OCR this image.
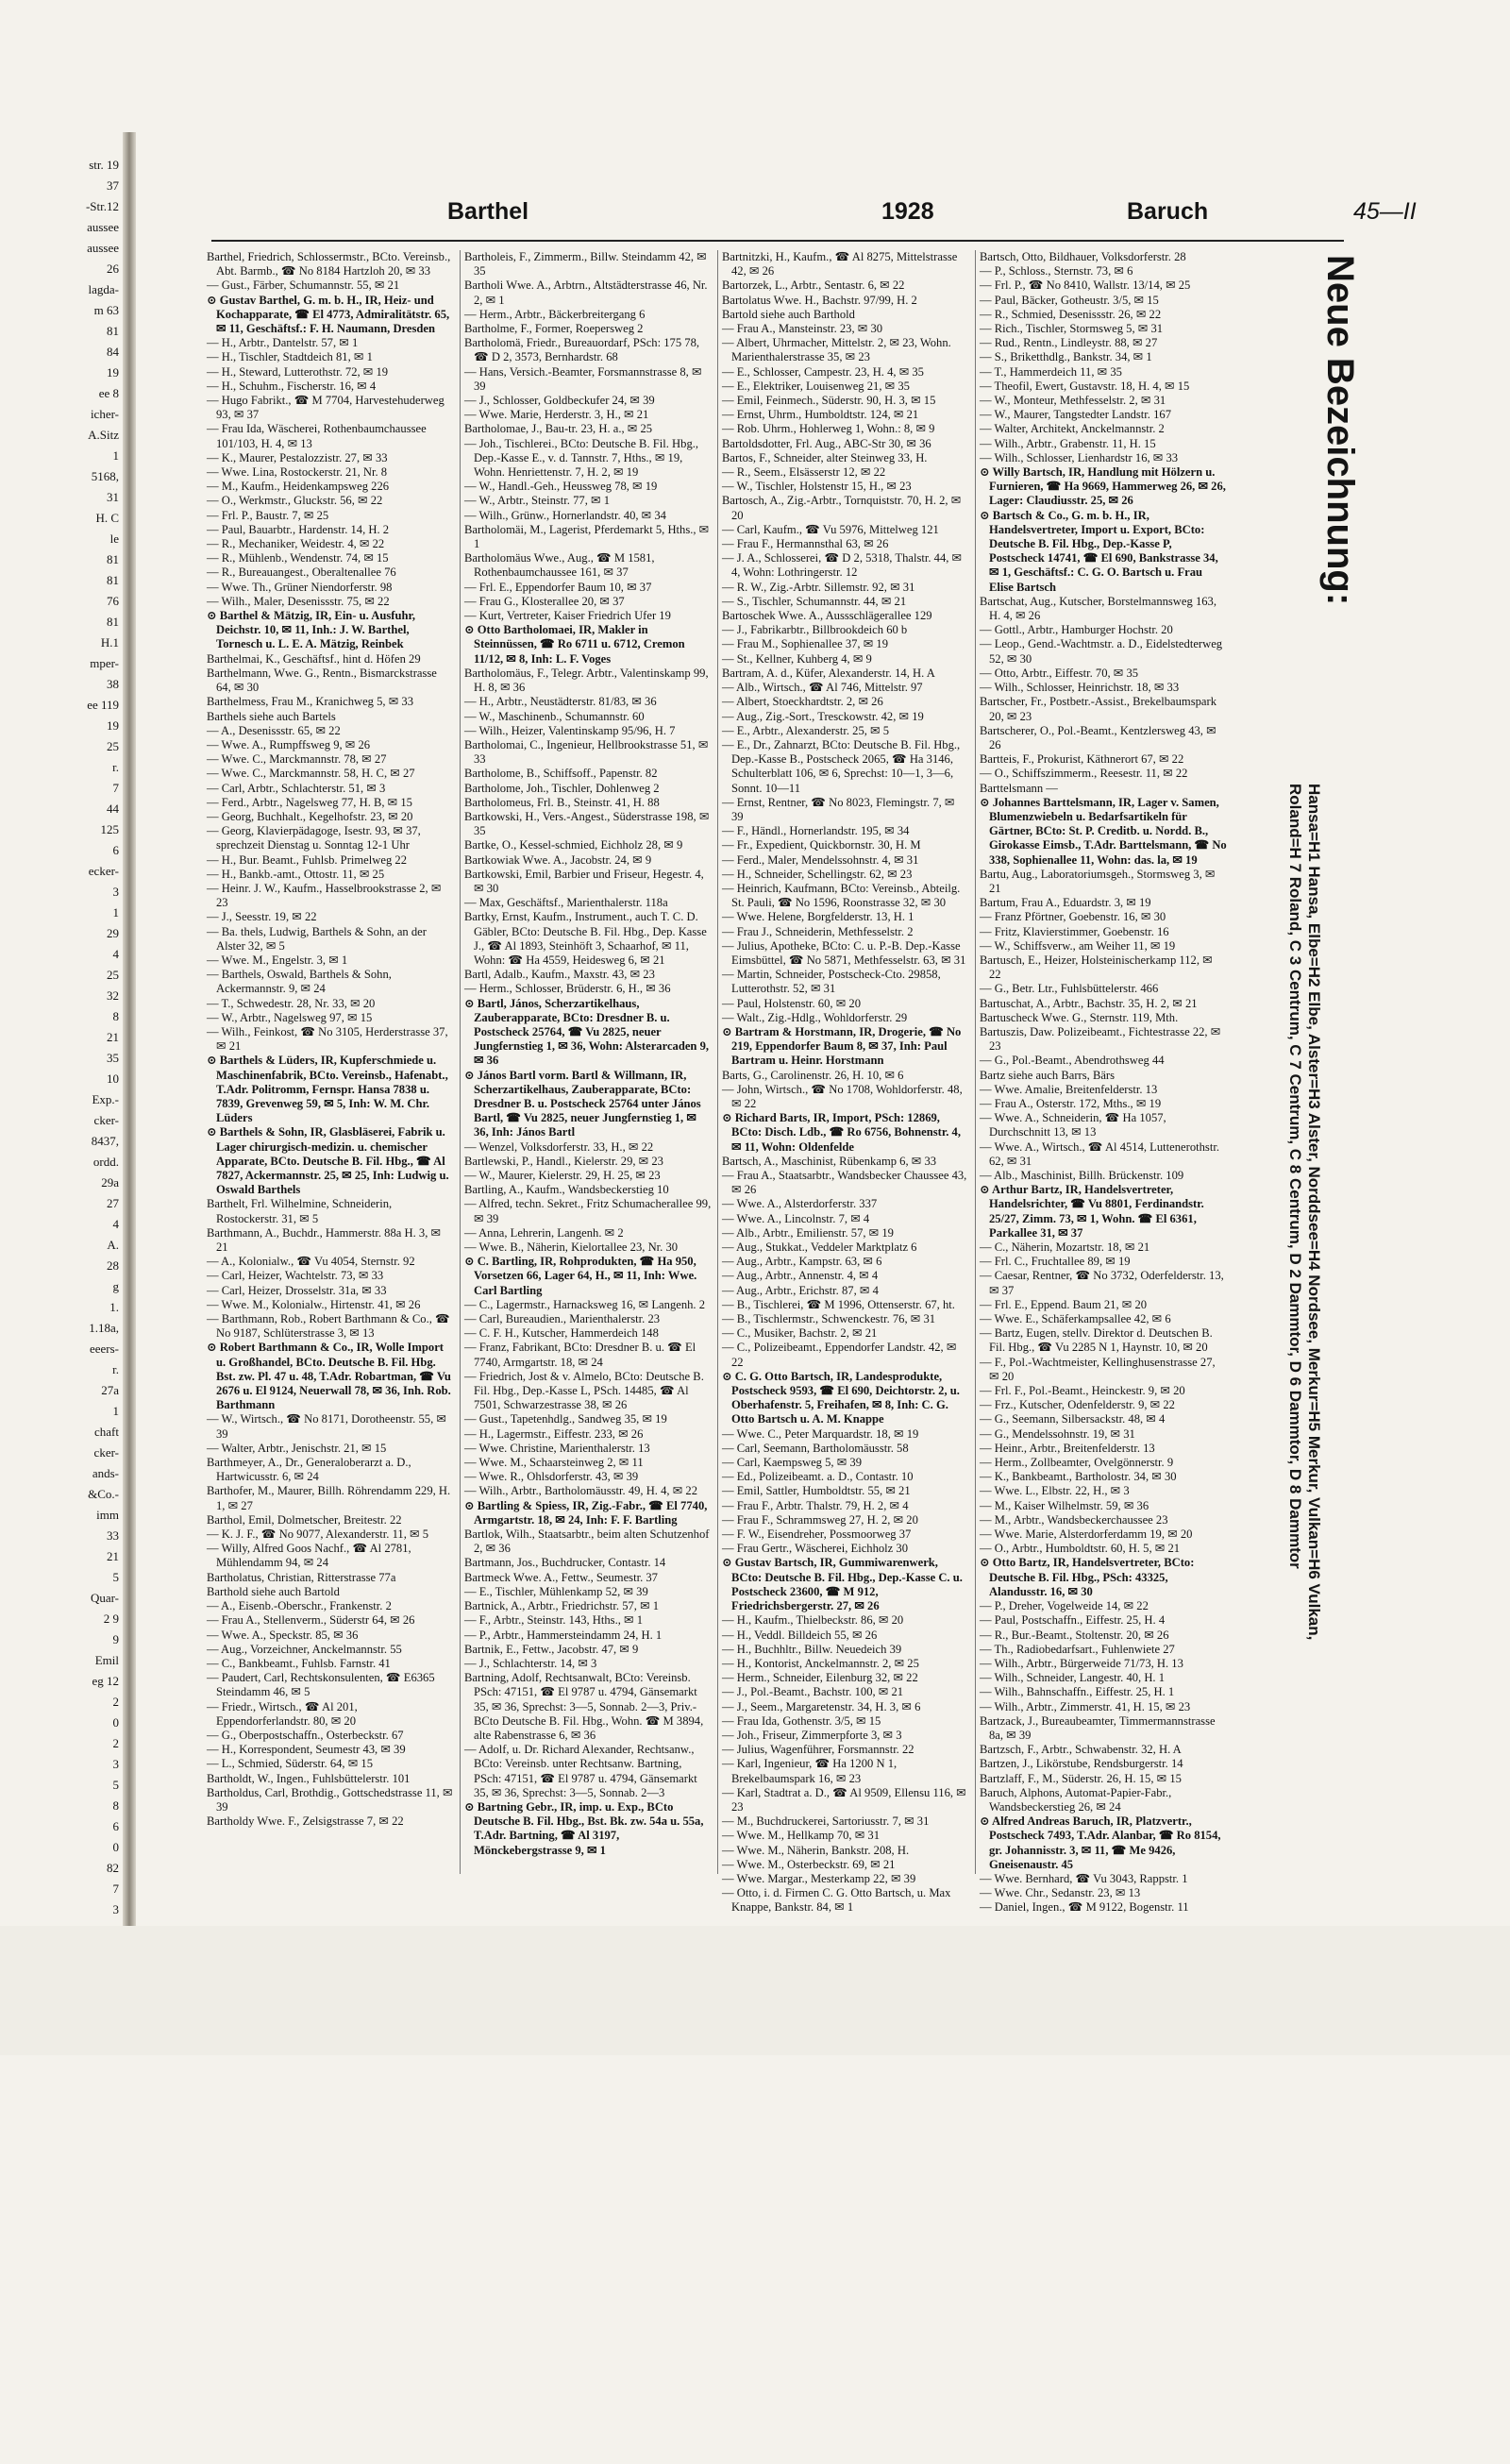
str. 19
37
-Str.12
aussee
aussee
26
lagda-
m 63
81
84
19
ee 8
icher-
A.Sitz
1
5168,
31
H. C
le
81
81
76
81
H.1
mper-
38
ee 119
19
25
r.
7
44
125
6
ecker-
3
1
29
4
25
32
8
21
35
10
Exp.-
cker-
8437,
ordd.
29a
27
4
A.
28
g
1.
1.18a,
eeers-
r.
27a
1
chaft
cker-
ands-
&Co.-
imm
33
21
5
Quar-
2 9
9
Emil
eg 12
2
0
2
3
5
8
6
0
82
7
3
Barthel	1928	Baruch	45—II

Barthel, Friedrich, Schlossermstr., BCto. Vereinsb., Abt. Barmb., ☎ No 8184 Hartzloh 20, ✉ 33

— Gust., Färber, Schumannstr. 55, ✉ 21

⊙ Gustav Barthel, G. m. b. H., IR, Heiz- und Kochapparate, ☎ El 4773, Admiralitätstr. 65, ✉ 11, Geschäftsf.: F. H. Naumann, Dresden

— H., Arbtr., Dantelstr. 57, ✉ 1

— H., Tischler, Stadtdeich 81, ✉ 1

— H., Steward, Lutterothstr. 72, ✉ 19

— H., Schuhm., Fischerstr. 16, ✉ 4

— Hugo Fabrikt., ☎ M 7704, Harvestehuderweg 93, ✉ 37

— Frau Ida, Wäscherei, Rothenbaumchaussee 101/103, H. 4, ✉ 13

— K., Maurer, Pestalozzistr. 27, ✉ 33

— Wwe. Lina, Rostockerstr. 21, Nr. 8

— M., Kaufm., Heidenkampsweg 226

— O., Werkmstr., Gluckstr. 56, ✉ 22

— Frl. P., Baustr. 7, ✉ 25

— Paul, Bauarbtr., Hardenstr. 14, H. 2

— R., Mechaniker, Weidestr. 4, ✉ 22

— R., Mühlenb., Wendenstr. 74, ✉ 15

— R., Bureauangest., Oberaltenallee 76

— Wwe. Th., Grüner Niendorferstr. 98

— Wilh., Maler, Desenissstr. 75, ✉ 22

⊙ Barthel & Mätzig, IR, Ein- u. Ausfuhr, Deichstr. 10, ✉ 11, Inh.: J. W. Barthel, Tornesch u. L. E. A. Mätzig, Reinbek

Barthelmai, K., Geschäftsf., hint d. Höfen 29

Barthelmann, Wwe. G., Rentn., Bismarckstrasse 64, ✉ 30

Barthelmess, Frau M., Kranichweg 5, ✉ 33

Barthels siehe auch Bartels

— A., Desenissstr. 65, ✉ 22

— Wwe. A., Rumpffsweg 9, ✉ 26

— Wwe. C., Marckmannstr. 78, ✉ 27

— Wwe. C., Marckmannstr. 58, H. C, ✉ 27

— Carl, Arbtr., Schlachterstr. 51, ✉ 3

— Ferd., Arbtr., Nagelsweg 77, H. B, ✉ 15

— Georg, Buchhalt., Kegelhofstr. 23, ✉ 20

— Georg, Klavierpädagoge, Isestr. 93, ✉ 37, sprechzeit Dienstag u. Sonntag 12-1 Uhr

— H., Bur. Beamt., Fuhlsb. Primelweg 22

— H., Bankb.-amt., Ottostr. 11, ✉ 25

— Heinr. J. W., Kaufm., Hasselbrookstrasse 2, ✉ 23

— J., Seesstr. 19, ✉ 22

— Ba. thels, Ludwig, Barthels & Sohn, an der Alster 32, ✉ 5

— Wwe. M., Engelstr. 3, ✉ 1

— Barthels, Oswald, Barthels & Sohn, Ackermannstr. 9, ✉ 24

— T., Schwedestr. 28, Nr. 33, ✉ 20

— W., Arbtr., Nagelsweg 97, ✉ 15

— Wilh., Feinkost, ☎ No 3105, Herderstrasse 37, ✉ 21

⊙ Barthels & Lüders, IR, Kupferschmiede u. Maschinenfabrik, BCto. Vereinsb., Hafenabt., T.Adr. Politromm, Fernspr. Hansa 7838 u. 7839, Grevenweg 59, ✉ 5, Inh: W. M. Chr. Lüders

⊙ Barthels & Sohn, IR, Glasbläserei, Fabrik u. Lager chirurgisch-medizin. u. chemischer Apparate, BCto. Deutsche B. Fil. Hbg., ☎ Al 7827, Ackermannstr. 25, ✉ 25, Inh: Ludwig u. Oswald Barthels

Barthelt, Frl. Wilhelmine, Schneiderin, Rostockerstr. 31, ✉ 5

Barthmann, A., Buchdr., Hammerstr. 88a H. 3, ✉ 21

— A., Kolonialw., ☎ Vu 4054, Sternstr. 92

— Carl, Heizer, Wachtelstr. 73, ✉ 33

— Carl, Heizer, Drosselstr. 31a, ✉ 33

— Wwe. M., Kolonialw., Hirtenstr. 41, ✉ 26

— Barthmann, Rob., Robert Barthmann & Co., ☎ No 9187, Schlüterstrasse 3, ✉ 13

⊙ Robert Barthmann & Co., IR, Wolle Import u. Großhandel, BCto. Deutsche B. Fil. Hbg. Bst. zw. Pl. 47 u. 48, T.Adr. Robartman, ☎ Vu 2676 u. El 9124, Neuerwall 78, ✉ 36, Inh. Rob. Barthmann

— W., Wirtsch., ☎ No 8171, Dorotheenstr. 55, ✉ 39

— Walter, Arbtr., Jenischstr. 21, ✉ 15

Barthmeyer, A., Dr., Generaloberarzt a. D., Hartwicusstr. 6, ✉ 24

Barthofer, M., Maurer, Billh. Röhrendamm 229, H. 1, ✉ 27

Barthol, Emil, Dolmetscher, Breitestr. 22

— K. J. F., ☎ No 9077, Alexanderstr. 11, ✉ 5

— Willy, Alfred Goos Nachf., ☎ Al 2781, Mühlendamm 94, ✉ 24

Bartholatus, Christian, Ritterstrasse 77a

Barthold siehe auch Bartold

— A., Eisenb.-Oberschr., Frankenstr. 2

— Frau A., Stellenverm., Süderstr 64, ✉ 26

— Wwe. A., Speckstr. 85, ✉ 36

— Aug., Vorzeichner, Anckelmannstr. 55

— C., Bankbeamt., Fuhlsb. Farnstr. 41

— Paudert, Carl, Rechtskonsulenten, ☎ E6365 Steindamm 46, ✉ 5

— Friedr., Wirtsch., ☎ Al 201, Eppendorferlandstr. 80, ✉ 20

— G., Oberpostschaffn., Osterbeckstr. 67

— H., Korrespondent, Seumestr 43, ✉ 39

— L., Schmied, Süderstr. 64, ✉ 15

Bartholdt, W., Ingen., Fuhlsbüttelerstr. 101

Bartholdus, Carl, Brothdig., Gottschedstrasse 11, ✉ 39

Bartholdy Wwe. F., Zelsigstrasse 7, ✉ 22

Bartholeis, F., Zimmerm., Billw. Steindamm 42, ✉ 35

Bartholi Wwe. A., Arbtrn., Altstädterstrasse 46, Nr. 2, ✉ 1

— Herm., Arbtr., Bäckerbreitergang 6

Bartholme, F., Former, Roepersweg 2

Bartholomä, Friedr., Bureauordarf, PSch: 175 78, ☎ D 2, 3573, Bernhardstr. 68

— Hans, Versich.-Beamter, Forsmannstrasse 8, ✉ 39

— J., Schlosser, Goldbeckufer 24, ✉ 39

— Wwe. Marie, Herderstr. 3, H., ✉ 21

Bartholomae, J., Bau-tr. 23, H. a., ✉ 25

— Joh., Tischlerei., BCto: Deutsche B. Fil. Hbg., Dep.-Kasse E., v. d. Tannstr. 7, Hths., ✉ 19, Wohn. Henriettenstr. 7, H. 2, ✉ 19

— W., Handl.-Geh., Heussweg 78, ✉ 19

— W., Arbtr., Steinstr. 77, ✉ 1

— Wilh., Grünw., Hornerlandstr. 40, ✉ 34

Bartholomäi, M., Lagerist, Pferdemarkt 5, Hths., ✉ 1

Bartholomäus Wwe., Aug., ☎ M 1581, Rothenbaumchaussee 161, ✉ 37

— Frl. E., Eppendorfer Baum 10, ✉ 37

— Frau G., Klosterallee 20, ✉ 37

— Kurt, Vertreter, Kaiser Friedrich Ufer 19

⊙ Otto Bartholomaei, IR, Makler in Steinnüssen, ☎ Ro 6711 u. 6712, Cremon 11/12, ✉ 8, Inh: L. F. Voges

Bartholomäus, F., Telegr. Arbtr., Valentinskamp 99, H. 8, ✉ 36

— H., Arbtr., Neustädterstr. 81/83, ✉ 36

— W., Maschinenb., Schumannstr. 60

— Wilh., Heizer, Valentinskamp 95/96, H. 7

Bartholomai, C., Ingenieur, Hellbrookstrasse 51, ✉ 33

Bartholome, B., Schiffsoff., Papenstr. 82

Bartholome, Joh., Tischler, Dohlenweg 2

Bartholomeus, Frl. B., Steinstr. 41, H. 88

Bartkowski, H., Vers.-Angest., Süderstrasse 198, ✉ 35

Bartke, O., Kessel-schmied, Eichholz 28, ✉ 9

Bartkowiak Wwe. A., Jacobstr. 24, ✉ 9

Bartkowski, Emil, Barbier und Friseur, Hegestr. 4, ✉ 30

— Max, Geschäftsf., Marienthalerstr. 118a

Bartky, Ernst, Kaufm., Instrument., auch T. C. D. Gäbler, BCto: Deutsche B. Fil. Hbg., Dep. Kasse J., ☎ Al 1893, Steinhöft 3, Schaarhof, ✉ 11, Wohn: ☎ Ha 4559, Heidesweg 6, ✉ 21

Bartl, Adalb., Kaufm., Maxstr. 43, ✉ 23

— Herm., Schlosser, Brüderstr. 6, H., ✉ 36

⊙ Bartl, János, Scherzartikelhaus, Zauberapparate, BCto: Dresdner B. u. Postscheck 25764, ☎ Vu 2825, neuer Jungfernstieg 1, ✉ 36, Wohn: Alsterarcaden 9, ✉ 36

⊙ János Bartl vorm. Bartl & Willmann, IR, Scherzartikelhaus, Zauberapparate, BCto: Dresdner B. u. Postscheck 25764 unter János Bartl, ☎ Vu 2825, neuer Jungfernstieg 1, ✉ 36, Inh: János Bartl

— Wenzel, Volksdorferstr. 33, H., ✉ 22

Bartlewski, P., Handl., Kielerstr. 29, ✉ 23

— W., Maurer, Kielerstr. 29, H. 25, ✉ 23

Bartling, A., Kaufm., Wandsbeckerstieg 10

— Alfred, techn. Sekret., Fritz Schumacherallee 99, ✉ 39

— Anna, Lehrerin, Langenh. ✉ 2

— Wwe. B., Näherin, Kielortallee 23, Nr. 30

⊙ C. Bartling, IR, Rohprodukten, ☎ Ha 950, Vorsetzen 66, Lager 64, H., ✉ 11, Inh: Wwe. Carl Bartling

— C., Lagermstr., Harnacksweg 16, ✉ Langenh. 2

— Carl, Bureaudien., Marienthalerstr. 23

— C. F. H., Kutscher, Hammerdeich 148

— Franz, Fabrikant, BCto: Dresdner B. u. ☎ El 7740, Armgartstr. 18, ✉ 24

— Friedrich, Jost & v. Almelo, BCto: Deutsche B. Fil. Hbg., Dep.-Kasse L, PSch. 14485, ☎ Al 7501, Schwarzestrasse 38, ✉ 26

— Gust., Tapetenhdlg., Sandweg 35, ✉ 19

— H., Lagermstr., Eiffestr. 233, ✉ 26

— Wwe. Christine, Marienthalerstr. 13

— Wwe. M., Schaarsteinweg 2, ✉ 11

— Wwe. R., Ohlsdorferstr. 43, ✉ 39

— Wilh., Arbtr., Bartholomäusstr. 49, H. 4, ✉ 22

⊙ Bartling & Spiess, IR, Zig.-Fabr., ☎ El 7740, Armgartstr. 18, ✉ 24, Inh: F. F. Bartling

Bartlok, Wilh., Staatsarbtr., beim alten Schutzenhof 2, ✉ 36

Bartmann, Jos., Buchdrucker, Contastr. 14

Bartmeck Wwe. A., Fettw., Seumestr. 37

— E., Tischler, Mühlenkamp 52, ✉ 39

Bartnick, A., Arbtr., Friedrichstr. 57, ✉ 1

— F., Arbtr., Steinstr. 143, Hths., ✉ 1

— P., Arbtr., Hammersteindamm 24, H. 1

Bartnik, E., Fettw., Jacobstr. 47, ✉ 9

— J., Schlachterstr. 14, ✉ 3

Bartning, Adolf, Rechtsanwalt, BCto: Vereinsb. PSch: 47151, ☎ El 9787 u. 4794, Gänsemarkt 35, ✉ 36, Sprechst: 3—5, Sonnab. 2—3, Priv.-BCto Deutsche B. Fil. Hbg., Wohn. ☎ M 3894, alte Rabenstrasse 6, ✉ 36

— Adolf, u. Dr. Richard Alexander, Rechtsanw., BCto: Vereinsb. unter Rechtsanw. Bartning, PSch: 47151, ☎ El 9787 u. 4794, Gänsemarkt 35, ✉ 36, Sprechst: 3—5, Sonnab. 2—3

⊙ Bartning Gebr., IR, imp. u. Exp., BCto Deutsche B. Fil. Hbg., Bst. Bk. zw. 54a u. 55a, T.Adr. Bartning, ☎ Al 3197, Mönckebergstrasse 9, ✉ 1

Bartnitzki, H., Kaufm., ☎ Al 8275, Mittelstrasse 42, ✉ 26

Bartorzek, L., Arbtr., Sentastr. 6, ✉ 22

Bartolatus Wwe. H., Bachstr. 97/99, H. 2

Bartold siehe auch Barthold

— Frau A., Mansteinstr. 23, ✉ 30

— Albert, Uhrmacher, Mittelstr. 2, ✉ 23, Wohn. Marienthalerstrasse 35, ✉ 23

— E., Schlosser, Campestr. 23, H. 4, ✉ 35

— E., Elektriker, Louisenweg 21, ✉ 35

— Emil, Feinmech., Süderstr. 90, H. 3, ✉ 15

— Ernst, Uhrm., Humboldtstr. 124, ✉ 21

— Rob. Uhrm., Hohlerweg 1, Wohn.: 8, ✉ 9

Bartoldsdotter, Frl. Aug., ABC-Str 30, ✉ 36

Bartos, F., Schneider, alter Steinweg 33, H.

— R., Seem., Elsässerstr 12, ✉ 22

— W., Tischler, Holstenstr 15, H., ✉ 23

Bartosch, A., Zig.-Arbtr., Tornquiststr. 70, H. 2, ✉ 20

— Carl, Kaufm., ☎ Vu 5976, Mittelweg 121

— Frau F., Hermannsthal 63, ✉ 26

— J. A., Schlosserei, ☎ D 2, 5318, Thalstr. 44, ✉ 4, Wohn: Lothringerstr. 12

— R. W., Zig.-Arbtr. Sillemstr. 92, ✉ 31

— S., Tischler, Schumannstr. 44, ✉ 21

Bartoschek Wwe. A., Aussschlägerallee 129

— J., Fabrikarbtr., Billbrookdeich 60 b

— Frau M., Sophienallee 37, ✉ 19

— St., Kellner, Kuhberg 4, ✉ 9

Bartram, A. d., Küfer, Alexanderstr. 14, H. A

— Alb., Wirtsch., ☎ Al 746, Mittelstr. 97

— Albert, Stoeckhardtstr. 2, ✉ 26

— Aug., Zig.-Sort., Tresckowstr. 42, ✉ 19

— E., Arbtr., Alexanderstr. 25, ✉ 5

— E., Dr., Zahnarzt, BCto: Deutsche B. Fil. Hbg., Dep.-Kasse B., Postscheck 2065, ☎ Ha 3146, Schulterblatt 106, ✉ 6, Sprechst: 10—1, 3—6, Sonnt. 10—11

— Ernst, Rentner, ☎ No 8023, Flemingstr. 7, ✉ 39

— F., Händl., Hornerlandstr. 195, ✉ 34

— Fr., Expedient, Quickbornstr. 30, H. M

— Ferd., Maler, Mendelssohnstr. 4, ✉ 31

— H., Schneider, Schellingstr. 62, ✉ 23

— Heinrich, Kaufmann, BCto: Vereinsb., Abteilg. St. Pauli, ☎ No 1596, Roonstrasse 32, ✉ 30

— Wwe. Helene, Borgfelderstr. 13, H. 1

— Frau J., Schneiderin, Methfesselstr. 2

— Julius, Apotheke, BCto: C. u. P.-B. Dep.-Kasse Eimsbüttel, ☎ No 5871, Methfesselstr. 63, ✉ 31

— Martin, Schneider, Postscheck-Cto. 29858, Lutterothstr. 52, ✉ 31

— Paul, Holstenstr. 60, ✉ 20

— Walt., Zig.-Hdlg., Wohldorferstr. 29

⊙ Bartram & Horstmann, IR, Drogerie, ☎ No 219, Eppendorfer Baum 8, ✉ 37, Inh: Paul Bartram u. Heinr. Horstmann

Barts, G., Carolinenstr. 26, H. 10, ✉ 6

— John, Wirtsch., ☎ No 1708, Wohldorferstr. 48, ✉ 22

⊙ Richard Barts, IR, Import, PSch: 12869, BCto: Disch. Ldb., ☎ Ro 6756, Bohnenstr. 4, ✉ 11, Wohn: Oldenfelde

Bartsch, A., Maschinist, Rübenkamp 6, ✉ 33

— Frau A., Staatsarbtr., Wandsbecker Chaussee 43, ✉ 26

— Wwe. A., Alsterdorferstr. 337

— Wwe. A., Lincolnstr. 7, ✉ 4

— Alb., Arbtr., Emilienstr. 57, ✉ 19

— Aug., Stukkat., Veddeler Marktplatz 6

— Aug., Arbtr., Kampstr. 63, ✉ 6

— Aug., Arbtr., Annenstr. 4, ✉ 4

— Aug., Arbtr., Erichstr. 87, ✉ 4

— B., Tischlerei, ☎ M 1996, Ottenserstr. 67, ht.

— B., Tischlermstr., Schwenckestr. 76, ✉ 31

— C., Musiker, Bachstr. 2, ✉ 21

— C., Polizeibeamt., Eppendorfer Landstr. 42, ✉ 22

⊙ C. G. Otto Bartsch, IR, Landesprodukte, Postscheck 9593, ☎ El 690, Deichtorstr. 2, u. Oberhafenstr. 5, Freihafen, ✉ 8, Inh: C. G. Otto Bartsch u. A. M. Knappe

— Wwe. C., Peter Marquardstr. 18, ✉ 19

— Carl, Seemann, Bartholomäusstr. 58

— Carl, Kaempsweg 5, ✉ 39

— Ed., Polizeibeamt. a. D., Contastr. 10

— Emil, Sattler, Humboldtstr. 55, ✉ 21

— Frau F., Arbtr. Thalstr. 79, H. 2, ✉ 4

— Frau F., Schrammsweg 27, H. 2, ✉ 20

— F. W., Eisendreher, Possmoorweg 37

— Frau Gertr., Wäscherei, Eichholz 30

⊙ Gustav Bartsch, IR, Gummiwarenwerk, BCto: Deutsche B. Fil. Hbg., Dep.-Kasse C. u. Postscheck 23600, ☎ M 912, Friedrichsbergerstr. 27, ✉ 26

— H., Kaufm., Thielbeckstr. 86, ✉ 20

— H., Veddl. Billdeich 55, ✉ 26

— H., Buchhltr., Billw. Neuedeich 39

— H., Kontorist, Anckelmannstr. 2, ✉ 25

— Herm., Schneider, Eilenburg 32, ✉ 22

— J., Pol.-Beamt., Bachstr. 100, ✉ 21

— J., Seem., Margaretenstr. 34, H. 3, ✉ 6

— Frau Ida, Gothenstr. 3/5, ✉ 15

— Joh., Friseur, Zimmerpforte 3, ✉ 3

— Julius, Wagenführer, Forsmannstr. 22

— Karl, Ingenieur, ☎ Ha 1200 N 1, Brekelbaumspark 16, ✉ 23

— Karl, Stadtrat a. D., ☎ Al 9509, Ellensu 116, ✉ 23

— M., Buchdruckerei, Sartoriusstr. 7, ✉ 31

— Wwe. M., Hellkamp 70, ✉ 31

— Wwe. M., Näherin, Bankstr. 208, H.

— Wwe. M., Osterbeckstr. 69, ✉ 21

— Wwe. Margar., Mesterkamp 22, ✉ 39

— Otto, i. d. Firmen C. G. Otto Bartsch, u. Max Knappe, Bankstr. 84, ✉ 1

Bartsch, Otto, Bildhauer, Volksdorferstr. 28

— P., Schloss., Sternstr. 73, ✉ 6

— Frl. P., ☎ No 8410, Wallstr. 13/14, ✉ 25

— Paul, Bäcker, Gotheustr. 3/5, ✉ 15

— R., Schmied, Desenissstr. 26, ✉ 22

— Rich., Tischler, Stormsweg 5, ✉ 31

— Rud., Rentn., Lindleystr. 88, ✉ 27

— S., Briketthdlg., Bankstr. 34, ✉ 1

— T., Hammerdeich 11, ✉ 35

— Theofil, Ewert, Gustavstr. 18, H. 4, ✉ 15

— W., Monteur, Methfesselstr. 2, ✉ 31

— W., Maurer, Tangstedter Landstr. 167

— Walter, Architekt, Anckelmannstr. 2

— Wilh., Arbtr., Grabenstr. 11, H. 15

— Wilh., Schlosser, Lienhardstr 16, ✉ 33

⊙ Willy Bartsch, IR, Handlung mit Hölzern u. Furnieren, ☎ Ha 9669, Hammerweg 26, ✉ 26, Lager: Claudiusstr. 25, ✉ 26

⊙ Bartsch & Co., G. m. b. H., IR, Handelsvertreter, Import u. Export, BCto: Deutsche B. Fil. Hbg., Dep.-Kasse P, Postscheck 14741, ☎ El 690, Bankstrasse 34, ✉ 1, Geschäftsf.: C. G. O. Bartsch u. Frau Elise Bartsch

Bartschat, Aug., Kutscher, Borstelmannsweg 163, H. 4, ✉ 26

— Gottl., Arbtr., Hamburger Hochstr. 20

— Leop., Gend.-Wachtmstr. a. D., Eidelstedterweg 52, ✉ 30

— Otto, Arbtr., Eiffestr. 70, ✉ 35

— Wilh., Schlosser, Heinrichstr. 18, ✉ 33

Bartscher, Fr., Postbetr.-Assist., Brekelbaumspark 20, ✉ 23

Bartscherer, O., Pol.-Beamt., Kentzlersweg 43, ✉ 26

Bartteis, F., Prokurist, Käthnerort 67, ✉ 22

— O., Schiffszimmerm., Reesestr. 11, ✉ 22

Barttelsmann —

⊙ Johannes Barttelsmann, IR, Lager v. Samen, Blumenzwiebeln u. Bedarfsartikeln für Gärtner, BCto: St. P. Creditb. u. Nordd. B., Girokasse Eimsb., T.Adr. Barttelsmann, ☎ No 338, Sophienallee 11, Wohn: das. la, ✉ 19

Bartu, Aug., Laboratoriumsgeh., Stormsweg 3, ✉ 21

Bartum, Frau A., Eduardstr. 3, ✉ 19

— Franz Pförtner, Goebenstr. 16, ✉ 30

— Fritz, Klavierstimmer, Goebenstr. 16

— W., Schiffsverw., am Weiher 11, ✉ 19

Bartusch, E., Heizer, Holsteinischerkamp 112, ✉ 22

— G., Betr. Ltr., Fuhlsbüttelerstr. 466

Bartuschat, A., Arbtr., Bachstr. 35, H. 2, ✉ 21

Bartuscheck Wwe. G., Sternstr. 119, Mth.

Bartuszis, Daw. Polizeibeamt., Fichtestrasse 22, ✉ 23

— G., Pol.-Beamt., Abendrothsweg 44

Bartz siehe auch Barrs, Bärs

— Wwe. Amalie, Breitenfelderstr. 13

— Frau A., Osterstr. 172, Mths., ✉ 19

— Wwe. A., Schneiderin, ☎ Ha 1057, Durchschnitt 13, ✉ 13

— Wwe. A., Wirtsch., ☎ Al 4514, Luttenerothstr. 62, ✉ 31

— Alb., Maschinist, Billh. Brückenstr. 109

⊙ Arthur Bartz, IR, Handelsvertreter, Handelsrichter, ☎ Vu 8801, Ferdinandstr. 25/27, Zimm. 73, ✉ 1, Wohn. ☎ El 6361, Parkallee 31, ✉ 37

— C., Näherin, Mozartstr. 18, ✉ 21

— Frl. C., Fruchtallee 89, ✉ 19

— Caesar, Rentner, ☎ No 3732, Oderfelderstr. 13, ✉ 37

— Frl. E., Eppend. Baum 21, ✉ 20

— Wwe. E., Schäferkampsallee 42, ✉ 6

— Bartz, Eugen, stellv. Direktor d. Deutschen B. Fil. Hbg., ☎ Vu 2285 N 1, Haynstr. 10, ✉ 20

— F., Pol.-Wachtmeister, Kellinghusenstrasse 27, ✉ 20

— Frl. F., Pol.-Beamt., Heinckestr. 9, ✉ 20

— Frz., Kutscher, Odenfelderstr. 9, ✉ 22

— G., Seemann, Silbersackstr. 48, ✉ 4

— G., Mendelssohnstr. 19, ✉ 31

— Heinr., Arbtr., Breitenfelderstr. 13

— Herm., Zollbeamter, Ovelgönnerstr. 9

— K., Bankbeamt., Bartholostr. 34, ✉ 30

— Wwe. L., Elbstr. 22, H., ✉ 3

— M., Kaiser Wilhelmstr. 59, ✉ 36

— M., Arbtr., Wandsbeckerchaussee 23

— Wwe. Marie, Alsterdorferdamm 19, ✉ 20

— O., Arbtr., Humboldtstr. 60, H. 5, ✉ 21

⊙ Otto Bartz, IR, Handelsvertreter, BCto: Deutsche B. Fil. Hbg., PSch: 43325, Alandusstr. 16, ✉ 30

— P., Dreher, Vogelweide 14, ✉ 22

— Paul, Postschaffn., Eiffestr. 25, H. 4

— R., Bur.-Beamt., Stoltenstr. 20, ✉ 26

— Th., Radiobedarfsart., Fuhlenwiete 27

— Wilh., Arbtr., Bürgerweide 71/73, H. 13

— Wilh., Schneider, Langestr. 40, H. 1

— Wilh., Bahnschaffn., Eiffestr. 25, H. 1

— Wilh., Arbtr., Zimmerstr. 41, H. 15, ✉ 23

Bartzack, J., Bureaubeamter, Timmermannstrasse 8a, ✉ 39

Bartzsch, F., Arbtr., Schwabenstr. 32, H. A

Bartzen, J., Likörstube, Rendsburgerstr. 14

Bartzlaff, F., M., Süderstr. 26, H. 15, ✉ 15

Baruch, Alphons, Automat-Papier-Fabr., Wandsbeckerstieg 26, ✉ 24

⊙ Alfred Andreas Baruch, IR, Platzvertr., Postscheck 7493, T.Adr. Alanbar, ☎ Ro 8154, gr. Johannisstr. 3, ✉ 11, ☎ Me 9426, Gneisenaustr. 45

— Wwe. Bernhard, ☎ Vu 3043, Rappstr. 1

— Wwe. Chr., Sedanstr. 23, ✉ 13

— Daniel, Ingen., ☎ M 9122, Bogenstr. 11

Neue Bezeichnung:
Hansa=H1 Hansa, Elbe=H2 Elbe, Alster=H3 Alster, Norddsee=H4 Nordsee, Merkur=H5 Merkur, Vulkan=H6 Vulkan,
Roland=H 7 Roland, C 3 Centrum, C 7 Centrum, C 8 Centrum, D 2 Dammtor, D 6 Dammtor, D 8 Dammtor
